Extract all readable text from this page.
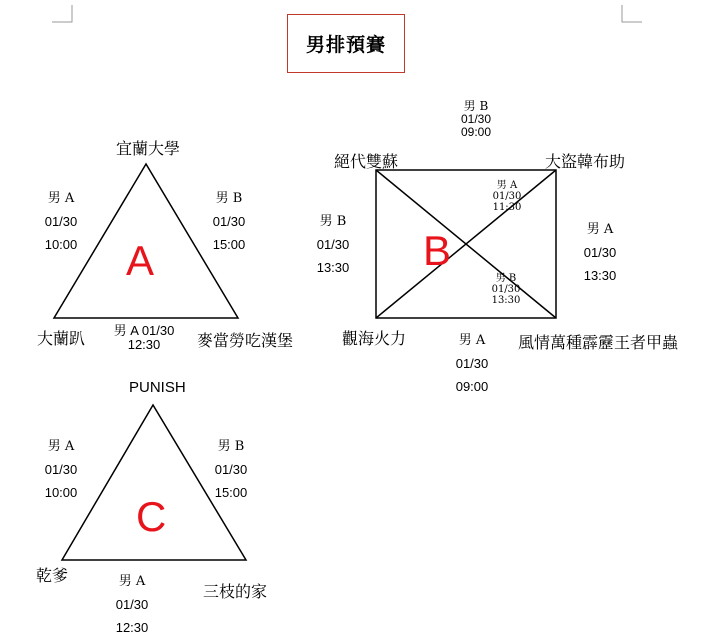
男排預賽
A
宜蘭大學
大蘭趴	麥當勞吃漢堡
男 A
01/30
10:00
男 B
01/30
15:00
男 A 01/30
12:30
B
絕代雙蘇	大盜韓布助
觀海火力	風情萬種霹靂王者甲蟲
男 B
01/30
09:00
男 B
01/30
13:30
男 A
01/30
13:30
男 A
01/30
09:00
男 A
01/30
11:30
男 B
01/30
13:30
C
PUNISH
乾爹
三枝的家
男 A
01/30
10:00
男 B
01/30
15:00
男 A
01/30
12:30
